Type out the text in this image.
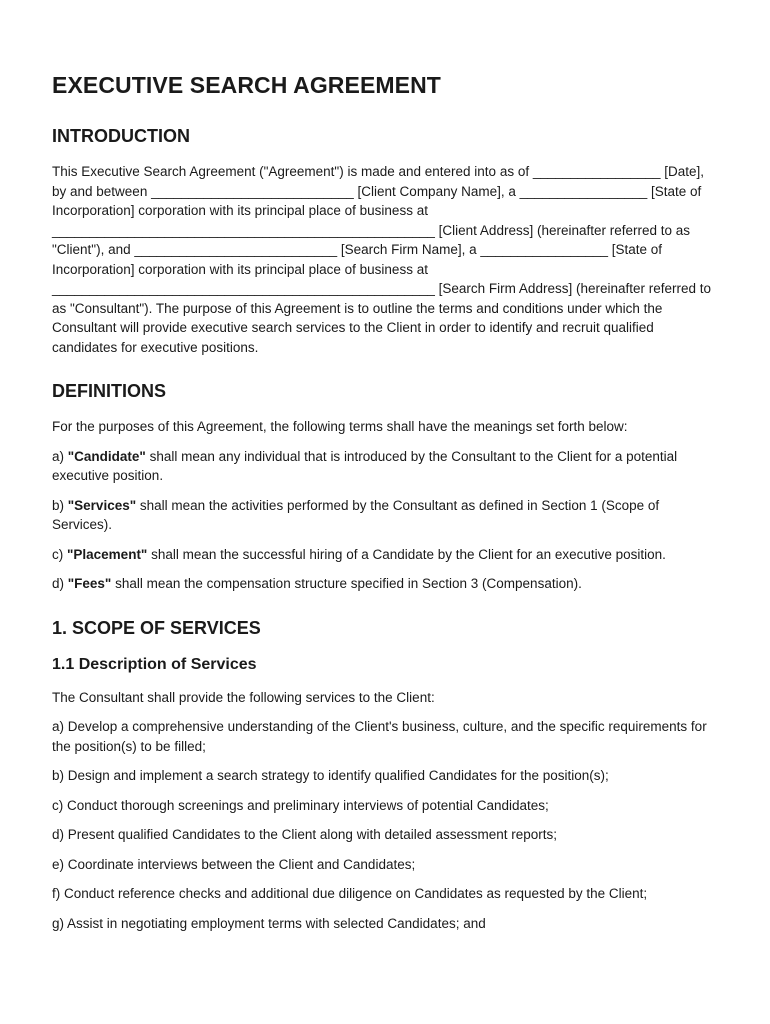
EXECUTIVE SEARCH AGREEMENT
INTRODUCTION
This Executive Search Agreement ("Agreement") is made and entered into as of _________________ [Date], by and between ___________________________ [Client Company Name], a _________________ [State of Incorporation] corporation with its principal place of business at ___________________________________________________ [Client Address] (hereinafter referred to as "Client"), and ___________________________ [Search Firm Name], a _________________ [State of Incorporation] corporation with its principal place of business at ___________________________________________________ [Search Firm Address] (hereinafter referred to as "Consultant"). The purpose of this Agreement is to outline the terms and conditions under which the Consultant will provide executive search services to the Client in order to identify and recruit qualified candidates for executive positions.
DEFINITIONS
For the purposes of this Agreement, the following terms shall have the meanings set forth below:
a) "Candidate" shall mean any individual that is introduced by the Consultant to the Client for a potential executive position.
b) "Services" shall mean the activities performed by the Consultant as defined in Section 1 (Scope of Services).
c) "Placement" shall mean the successful hiring of a Candidate by the Client for an executive position.
d) "Fees" shall mean the compensation structure specified in Section 3 (Compensation).
1. SCOPE OF SERVICES
1.1 Description of Services
The Consultant shall provide the following services to the Client:
a) Develop a comprehensive understanding of the Client's business, culture, and the specific requirements for the position(s) to be filled;
b) Design and implement a search strategy to identify qualified Candidates for the position(s);
c) Conduct thorough screenings and preliminary interviews of potential Candidates;
d) Present qualified Candidates to the Client along with detailed assessment reports;
e) Coordinate interviews between the Client and Candidates;
f) Conduct reference checks and additional due diligence on Candidates as requested by the Client;
g) Assist in negotiating employment terms with selected Candidates; and
